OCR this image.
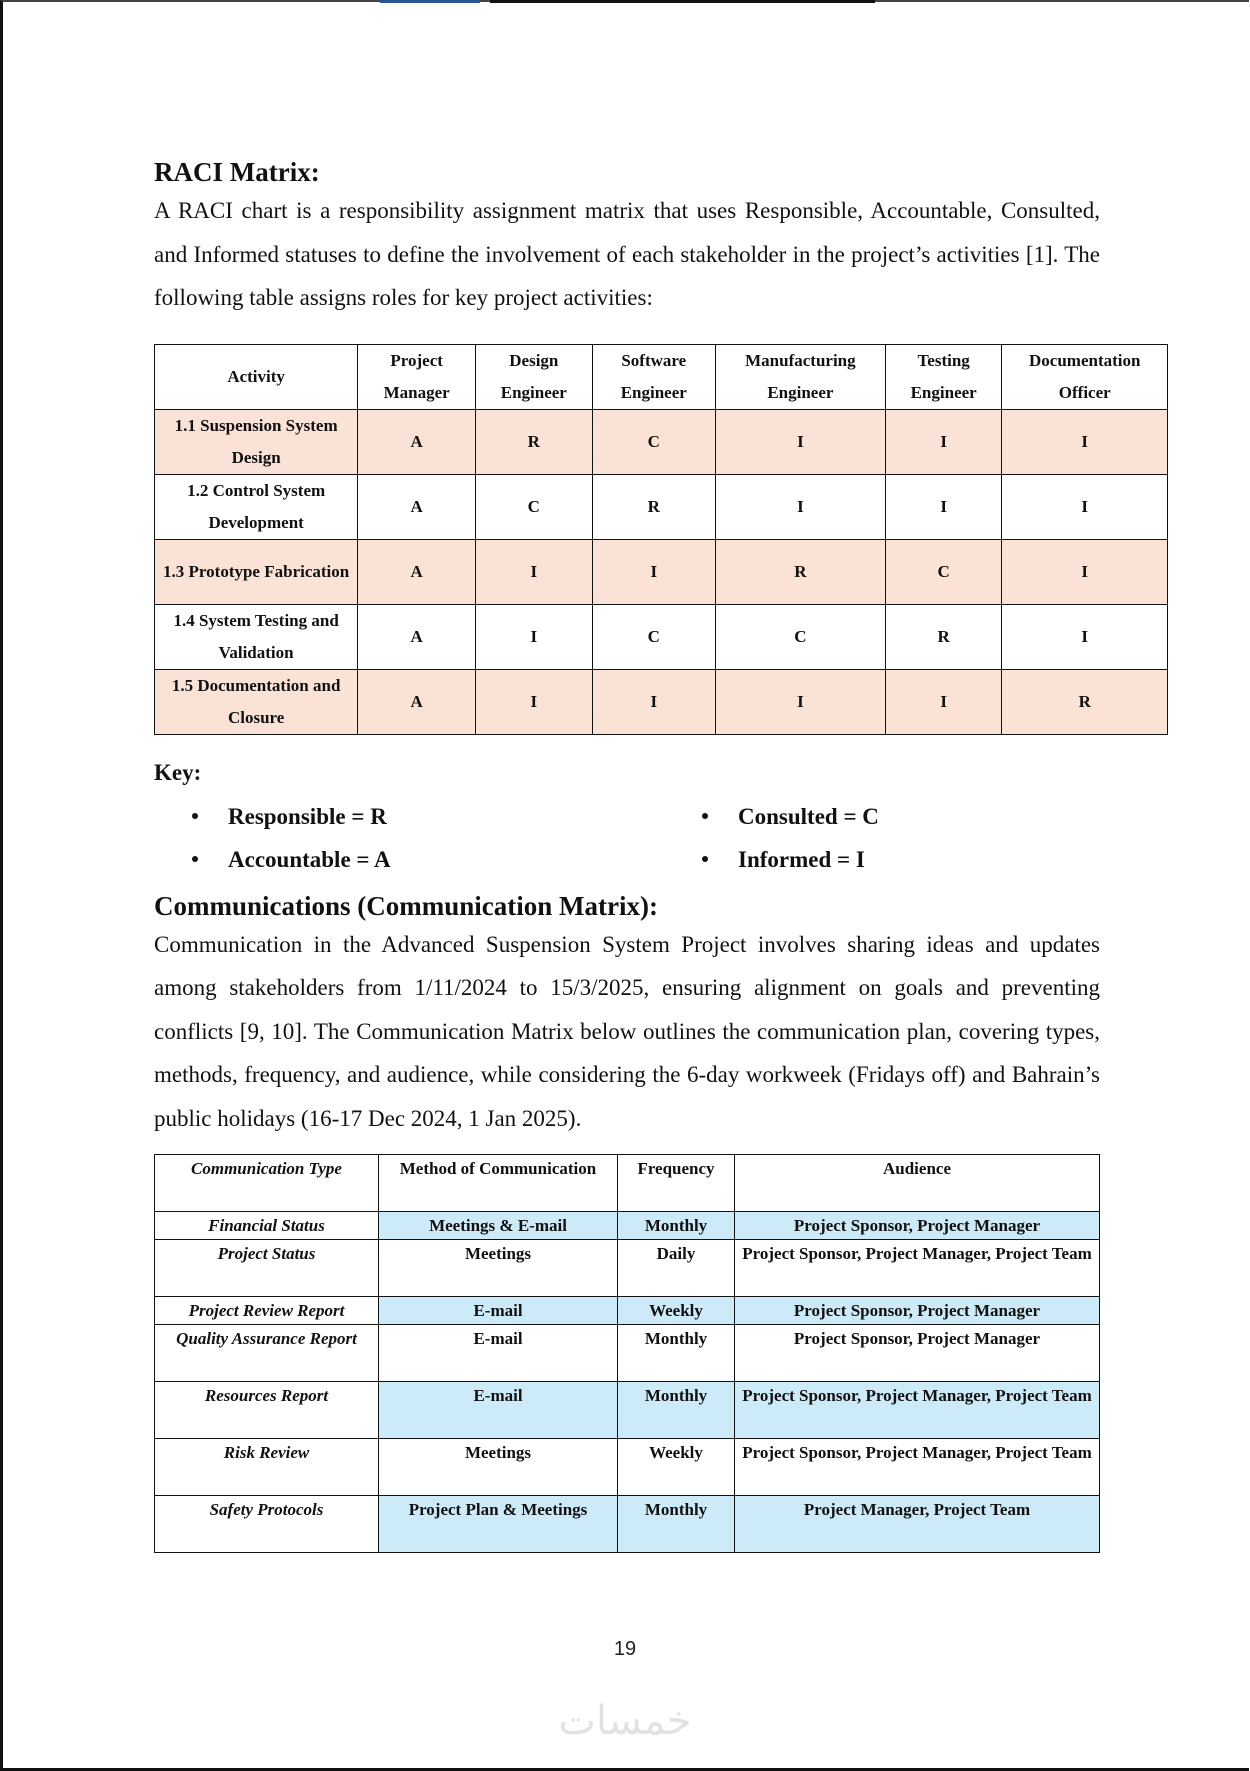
RACI Matrix:

A RACI chart is a responsibility assignment matrix that uses Responsible, Accountable, Consulted, and Informed statuses to define the involvement of each stakeholder in the project’s activities [1]. The following table assigns roles for key project activities:

Activity	Project Manager	Design Engineer	Software Engineer	Manufacturing Engineer	Testing Engineer	Documentation Officer
1.1 Suspension System Design	A	R	C	I	I	I
1.2 Control System Development	A	C	R	I	I	I
1.3 Prototype Fabrication	A	I	I	R	C	I
1.4 System Testing and Validation	A	I	C	C	R	I
1.5 Documentation and Closure	A	I	I	I	I	R
Key:
Responsible = R	Consulted = C
Accountable = A	Informed = I
Communications (Communication Matrix):

Communication in the Advanced Suspension System Project involves sharing ideas and updates among stakeholders from 1/11/2024 to 15/3/2025, ensuring alignment on goals and preventing conflicts [9, 10]. The Communication Matrix below outlines the communication plan, covering types, methods, frequency, and audience, while considering the 6-day workweek (Fridays off) and Bahrain’s public holidays (16-17 Dec 2024, 1 Jan 2025).

Communication Type	Method of Communication	Frequency	Audience
Financial Status	Meetings & E-mail	Monthly	Project Sponsor, Project Manager
Project Status	Meetings	Daily	Project Sponsor, Project Manager, Project Team
Project Review Report	E-mail	Weekly	Project Sponsor, Project Manager
Quality Assurance Report	E-mail	Monthly	Project Sponsor, Project Manager
Resources Report	E-mail	Monthly	Project Sponsor, Project Manager, Project Team
Risk Review	Meetings	Weekly	Project Sponsor, Project Manager, Project Team
Safety Protocols	Project Plan & Meetings	Monthly	Project Manager, Project Team
19
خمسات
